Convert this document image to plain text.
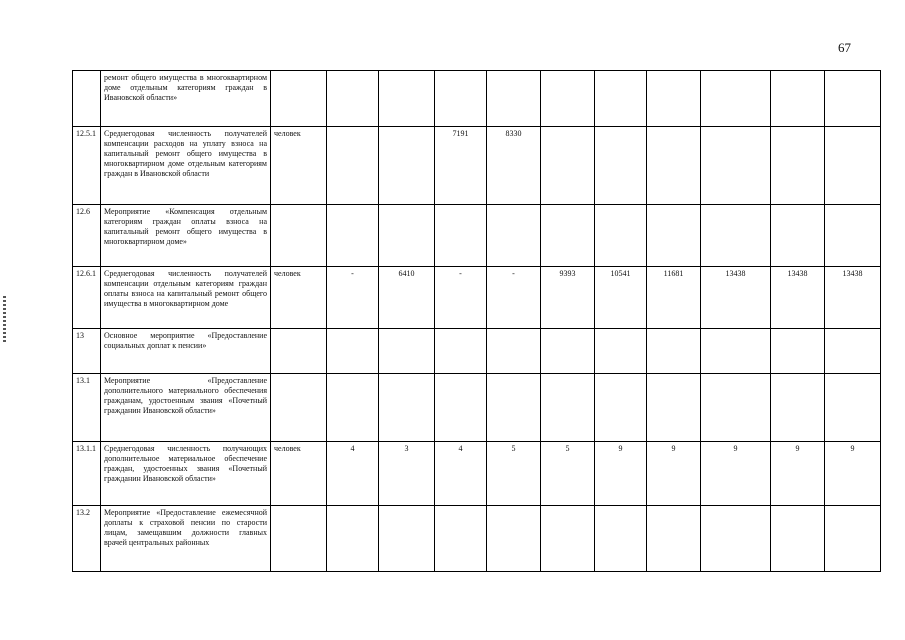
67
	ремонт общего имущества в многоквартирном доме отдельным категориям граждан в Ивановской области»											
12.5.1	Среднегодовая численность получателей компенсации расходов на уплату взноса на капитальный ремонт общего имущества в многоквартирном доме отдельным категориям граждан в Ивановской области	человек			7191	8330						
12.6	Мероприятие «Компенсация отдельным категориям граждан оплаты взноса на капитальный ремонт общего имущества в многоквартирном доме»											
12.6.1	Среднегодовая численность получателей компенсации отдельным категориям граждан оплаты взноса на капитальный ремонт общего имущества в многоквартирном доме	человек	-	6410	-	-	9393	10541	11681	13438	13438	13438
13	Основное мероприятие «Предоставление социальных доплат к пенсии»											
13.1	Мероприятие «Предоставление дополнительного материального обеспечения гражданам, удостоенным звания «Почетный гражданин Ивановской области»											
13.1.1	Среднегодовая численность получающих дополнительное материальное обеспечение граждан, удостоенных звания «Почетный гражданин Ивановской области»	человек	4	3	4	5	5	9	9	9	9	9
13.2	Мероприятие «Предоставление ежемесячной доплаты к страховой пенсии по старости лицам, замещавшим должности главных врачей центральных районных											
